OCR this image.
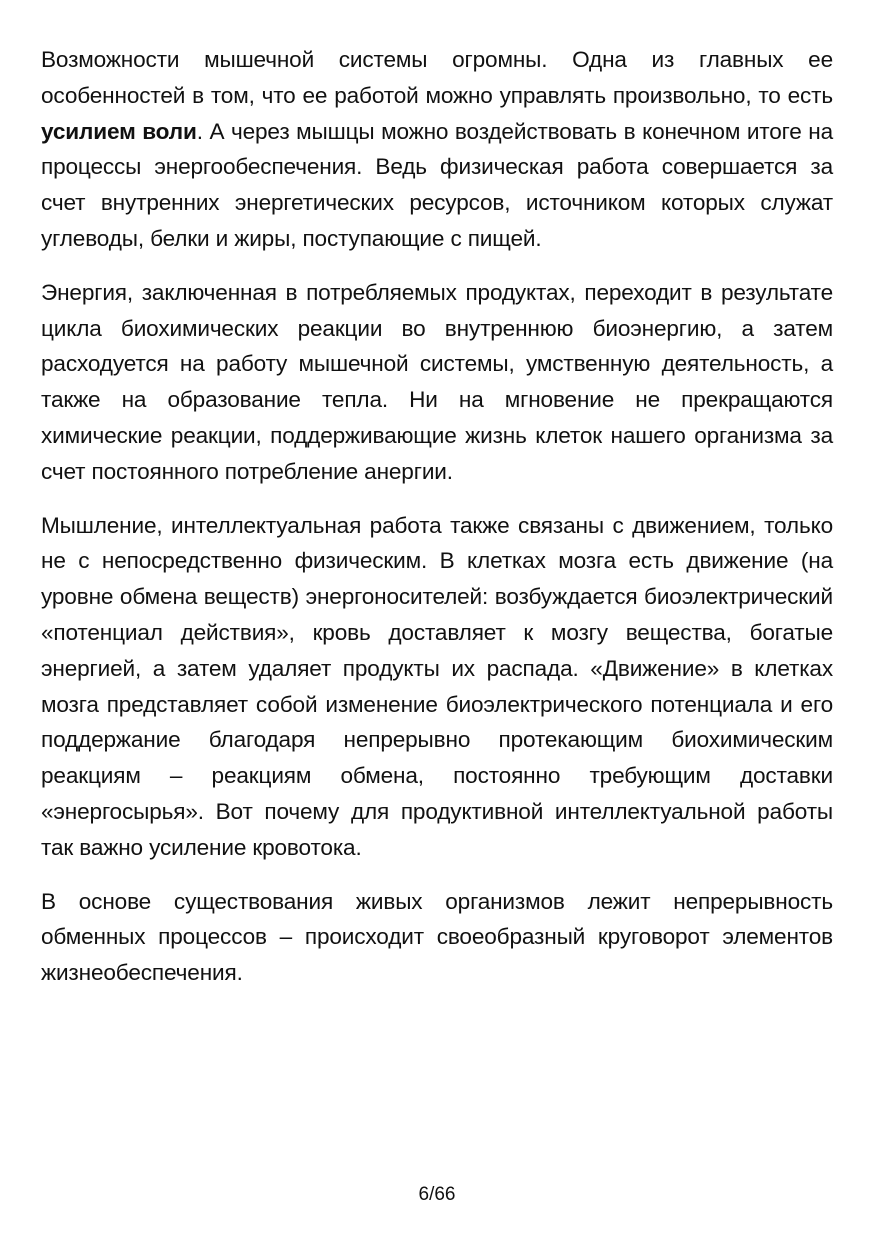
Возможности мышечной системы огромны. Одна из главных ее особенностей в том, что ее работой можно управлять произвольно, то есть усилием воли. А через мышцы можно воздействовать в конечном итоге на процессы энергообеспечения. Ведь физическая работа совершается за счет внутренних энергетических ресурсов, источником которых служат углеводы, белки и жиры, поступающие с пищей.

Энергия, заключенная в потребляемых продуктах, переходит в результате цикла биохимических реакции во внутреннюю биоэнергию, а затем расходуется на работу мышечной системы, умственную деятельность, а также на образование тепла. Ни на мгновение не прекращаются химические реакции, поддерживающие жизнь клеток нашего организма за счет постоянного потребление анергии.

Мышление, интеллектуальная работа также связаны с движением, только не с непосредственно физическим. В клетках мозга есть движение (на уровне обмена веществ) энергоносителей: возбуждается биоэлектрический «потенциал действия», кровь доставляет к мозгу вещества, богатые энергией, а затем удаляет продукты их распада. «Движение» в клетках мозга представляет собой изменение биоэлектрического потенциала и его поддержание благодаря непрерывно протекающим биохимическим реакциям – реакциям обмена, постоянно требующим доставки «энергосырья». Вот почему для продуктивной интеллектуальной работы так важно усиление кровотока.

В основе существования живых организмов лежит непрерывность обменных процессов – происходит своеобразный круговорот элементов жизнеобеспечения.

6/66
